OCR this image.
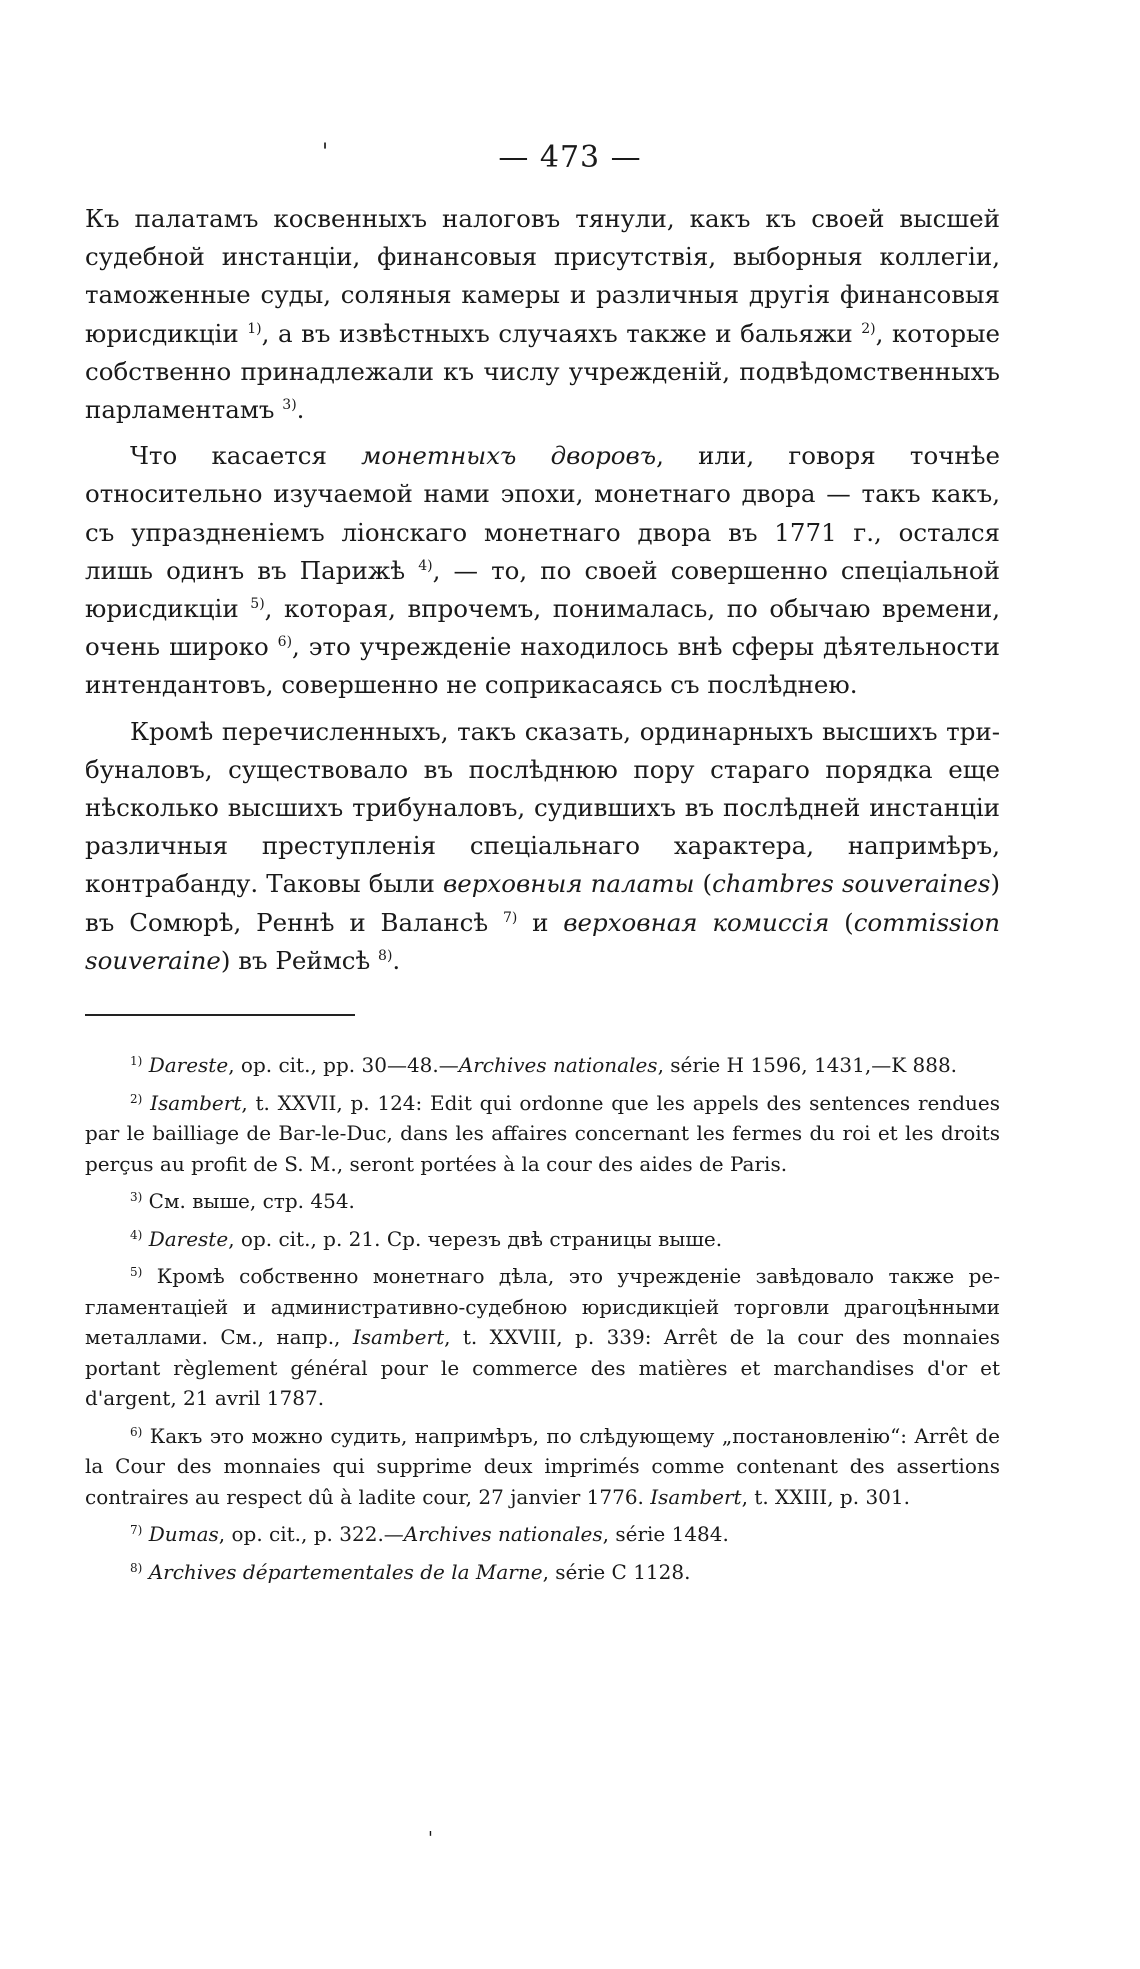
'	— 473 —

Къ палатамъ косвенныхъ налоговъ тянули, какъ къ своей высшей судебной инстанціи, финансовыя присутствія, выборныя коллегіи, таможенные суды, соляныя камеры и различныя другія финансовыя юрисдикціи $^{1)}$, а въ извѣстныхъ случаяхъ также и бальяжи $^{2)}$, которые собственно принадлежали къ числу учрежденій, подвѣдомственныхъ парламентамъ $^{3)}$.

Что касается монетныхъ дворовъ, или, говоря точнѣе относительно изучаемой нами эпохи, монетнаго двора — такъ какъ, съ упраздненіемъ ліонскаго монетнаго двора въ 1771 г., остался лишь одинъ въ Парижѣ $^{4)}$, — то, по своей совершенно спеціальной юрисдикціи $^{5)}$, которая, впрочемъ, понималась, по обычаю времени, очень широко $^{6)}$, это учрежденіе находилось внѣ сферы дѣятельности интендантовъ, совершенно не соприкасаясь съ послѣднею.

Кромѣ перечисленныхъ, такъ сказать, ординарныхъ высшихъ трибуналовъ, существовало въ послѣднюю пору стараго порядка еще нѣсколько высшихъ трибуналовъ, судившихъ въ послѣдней инстанціи различныя преступленія спеціальнаго характера, напримѣръ, контрабанду. Таковы были верховныя палаты (chambres souveraines) въ Сомюрѣ, Реннѣ и Валансѣ $^{7)}$ и верховная комиссія (commission souveraine) въ Реймсѣ $^{8)}$.

$^{1)}$ Dareste, op. cit., pp. 30—48.—Archives nationales, série H 1596, 1431,—K 888.

$^{2)}$ Isambert, t. XXVII, p. 124: Edit qui ordonne que les appels des sentences rendues par le bailliage de Bar-le-Duc, dans les affaires concernant les fermes du roi et les droits perçus au profit de S. M., seront portées à la cour des aides de Paris.

$^{3)}$ См. выше, стр. 454.

$^{4)}$ Dareste, op. cit., p. 21. Ср. черезъ двѣ страницы выше.

$^{5)}$ Кромѣ собственно монетнаго дѣла, это учрежденіе завѣдовало также регламентаціей и административно-судебною юрисдикціей торговли драгоцѣнными металлами. См., напр., Isambert, t. XXVIII, p. 339: Arrêt de la cour des monnaies portant règlement général pour le commerce des matières et marchandises d'or et d'argent, 21 avril 1787.

$^{6)}$ Какъ это можно судить, напримѣръ, по слѣдующему „постановленію“: Arrêt de la Cour des monnaies qui supprime deux imprimés comme contenant des assertions contraires au respect dû à ladite cour, 27 janvier 1776. Isambert, t. XXIII, p. 301.

$^{7)}$ Dumas, op. cit., p. 322.—Archives nationales, série 1484.

$^{8)}$ Archives départementales de la Marne, série C 1128.

'
